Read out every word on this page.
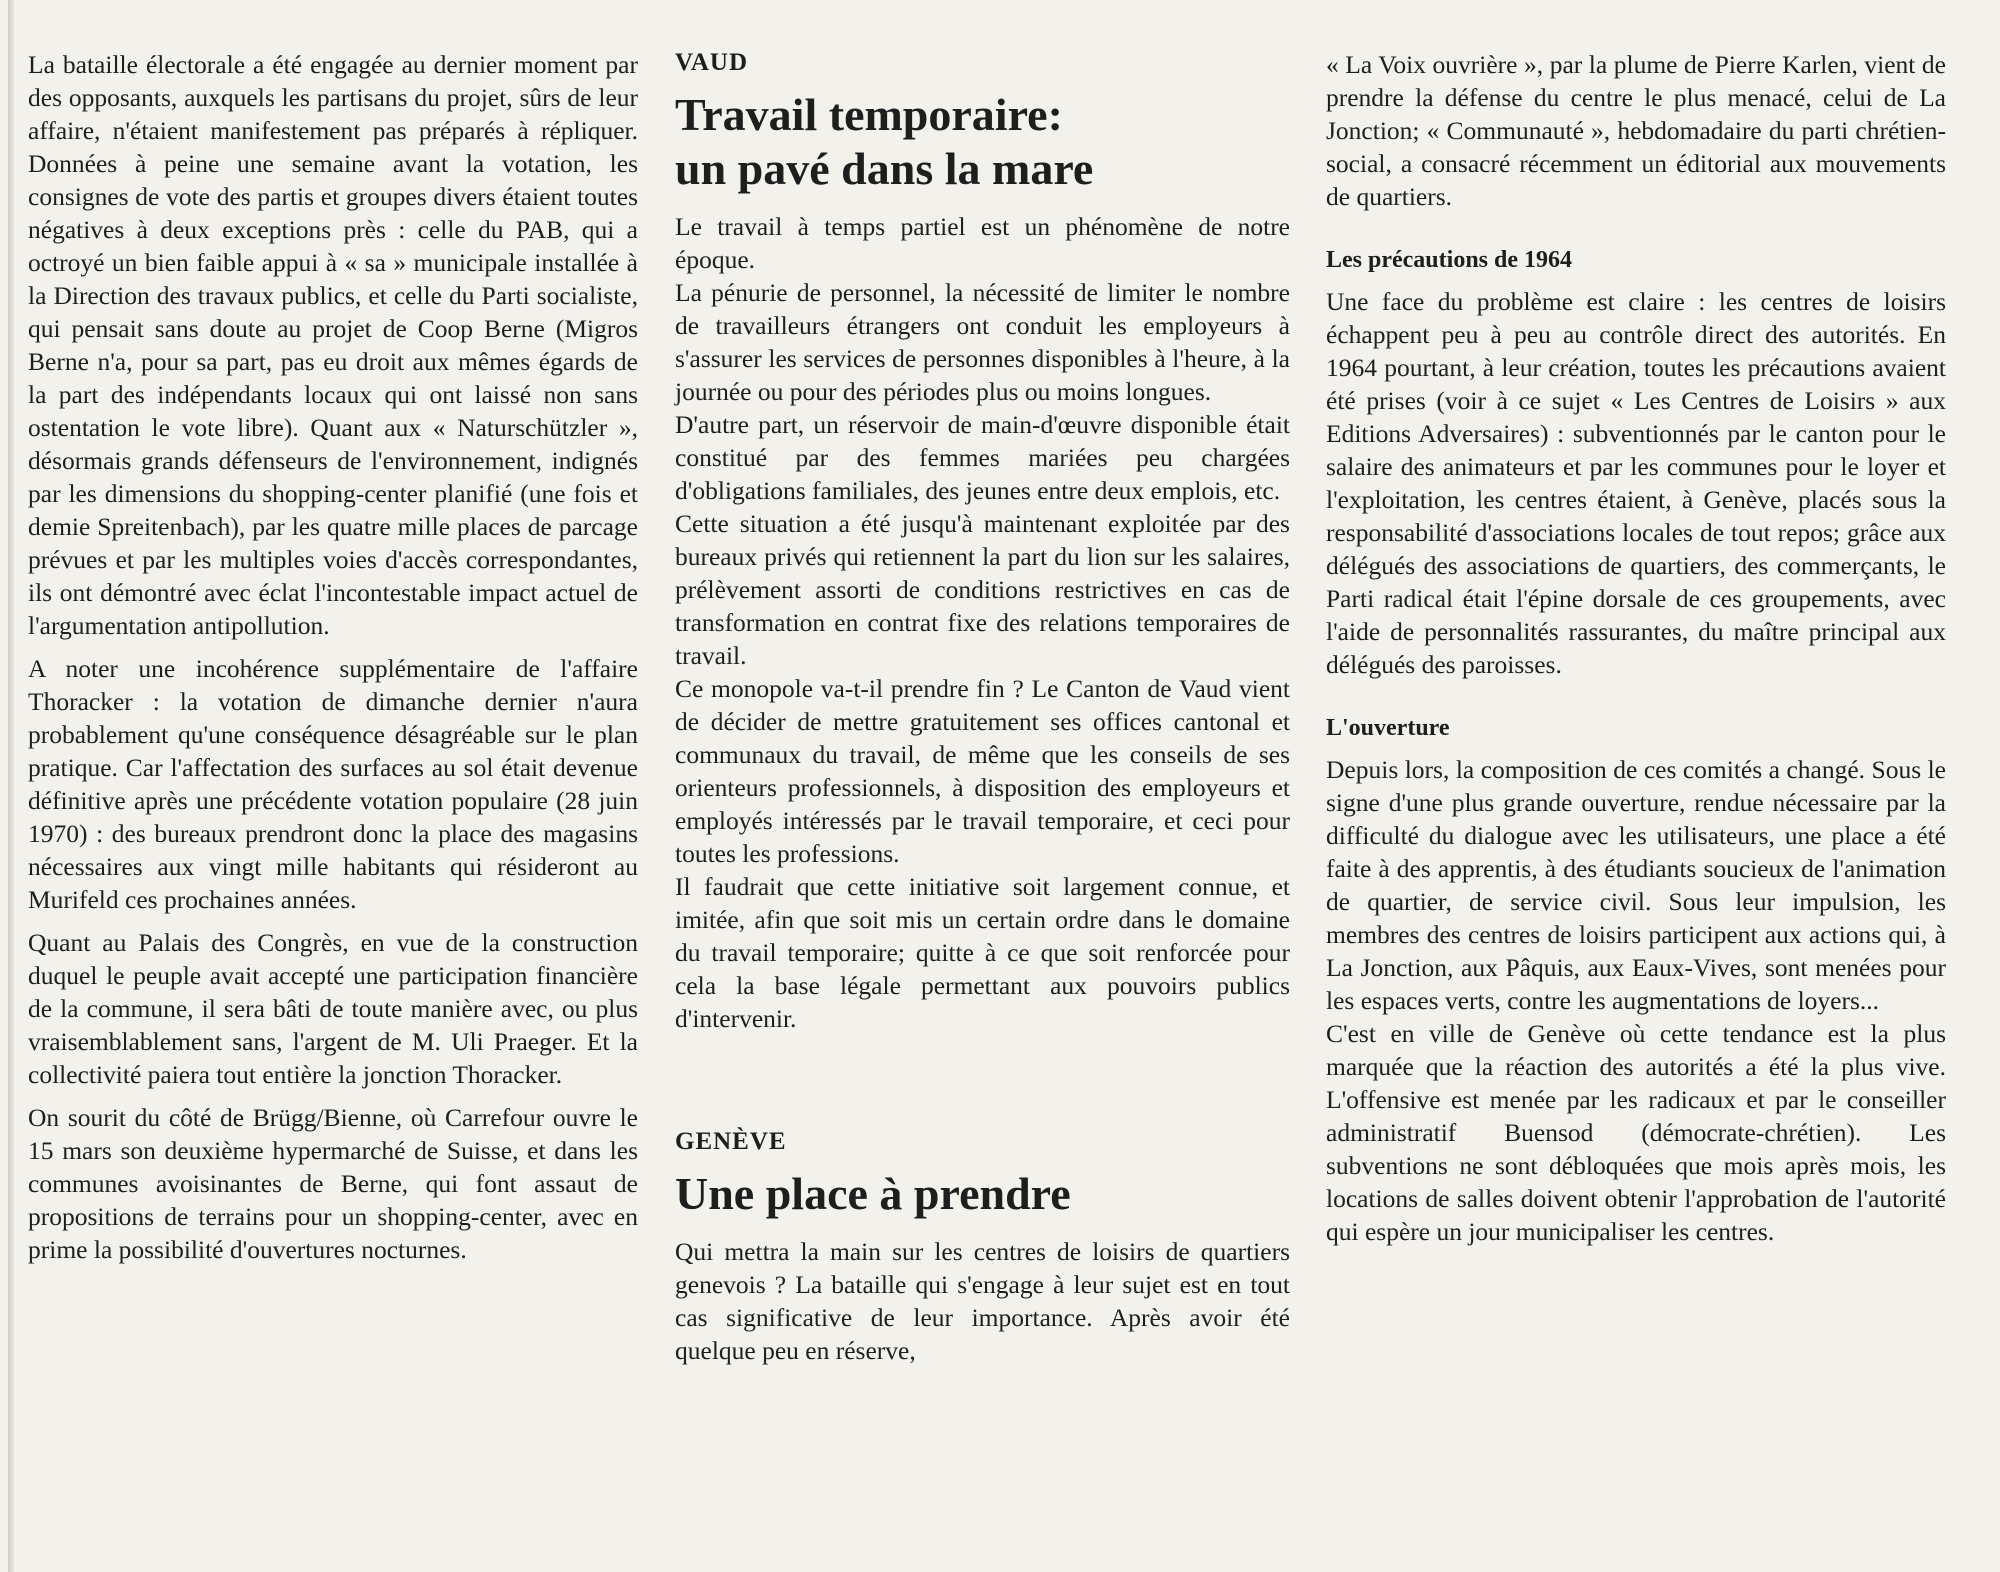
La bataille électorale a été engagée au dernier moment par des opposants, auxquels les partisans du projet, sûrs de leur affaire, n'étaient manifestement pas préparés à répliquer. Données à peine une semaine avant la votation, les consignes de vote des partis et groupes divers étaient toutes négatives à deux exceptions près : celle du PAB, qui a octroyé un bien faible appui à « sa » municipale installée à la Direction des travaux publics, et celle du Parti socialiste, qui pensait sans doute au projet de Coop Berne (Migros Berne n'a, pour sa part, pas eu droit aux mêmes égards de la part des indépendants locaux qui ont laissé non sans ostentation le vote libre). Quant aux « Naturschützler », désormais grands défenseurs de l'environnement, indignés par les dimensions du shopping-center planifié (une fois et demie Spreitenbach), par les quatre mille places de parcage prévues et par les multiples voies d'accès correspondantes, ils ont démontré avec éclat l'incontestable impact actuel de l'argumentation antipollution.

A noter une incohérence supplémentaire de l'affaire Thoracker : la votation de dimanche dernier n'aura probablement qu'une conséquence désagréable sur le plan pratique. Car l'affectation des surfaces au sol était devenue définitive après une précédente votation populaire (28 juin 1970) : des bureaux prendront donc la place des magasins nécessaires aux vingt mille habitants qui résideront au Murifeld ces prochaines années.

Quant au Palais des Congrès, en vue de la construction duquel le peuple avait accepté une participation financière de la commune, il sera bâti de toute manière avec, ou plus vraisemblablement sans, l'argent de M. Uli Praeger. Et la collectivité paiera tout entière la jonction Thoracker.

On sourit du côté de Brügg/Bienne, où Carrefour ouvre le 15 mars son deuxième hypermarché de Suisse, et dans les communes avoisinantes de Berne, qui font assaut de propositions de terrains pour un shopping-center, avec en prime la possibilité d'ouvertures nocturnes.

VAUD
Travail temporaire:
un pavé dans la mare

Le travail à temps partiel est un phénomène de notre époque.

La pénurie de personnel, la nécessité de limiter le nombre de travailleurs étrangers ont conduit les employeurs à s'assurer les services de personnes disponibles à l'heure, à la journée ou pour des périodes plus ou moins longues.

D'autre part, un réservoir de main-d'œuvre disponible était constitué par des femmes mariées peu chargées d'obligations familiales, des jeunes entre deux emplois, etc.

Cette situation a été jusqu'à maintenant exploitée par des bureaux privés qui retiennent la part du lion sur les salaires, prélèvement assorti de conditions restrictives en cas de transformation en contrat fixe des relations temporaires de travail.

Ce monopole va-t-il prendre fin ? Le Canton de Vaud vient de décider de mettre gratuitement ses offices cantonal et communaux du travail, de même que les conseils de ses orienteurs professionnels, à disposition des employeurs et employés intéressés par le travail temporaire, et ceci pour toutes les professions.

Il faudrait que cette initiative soit largement connue, et imitée, afin que soit mis un certain ordre dans le domaine du travail temporaire; quitte à ce que soit renforcée pour cela la base légale permettant aux pouvoirs publics d'intervenir.

GENÈVE
Une place à prendre

Qui mettra la main sur les centres de loisirs de quartiers genevois ? La bataille qui s'engage à leur sujet est en tout cas significative de leur importance. Après avoir été quelque peu en réserve,

« La Voix ouvrière », par la plume de Pierre Karlen, vient de prendre la défense du centre le plus menacé, celui de La Jonction; « Communauté », hebdomadaire du parti chrétien-social, a consacré récemment un éditorial aux mouvements de quartiers.

Les précautions de 1964

Une face du problème est claire : les centres de loisirs échappent peu à peu au contrôle direct des autorités. En 1964 pourtant, à leur création, toutes les précautions avaient été prises (voir à ce sujet « Les Centres de Loisirs » aux Editions Adversaires) : subventionnés par le canton pour le salaire des animateurs et par les communes pour le loyer et l'exploitation, les centres étaient, à Genève, placés sous la responsabilité d'associations locales de tout repos; grâce aux délégués des associations de quartiers, des commerçants, le Parti radical était l'épine dorsale de ces groupements, avec l'aide de personnalités rassurantes, du maître principal aux délégués des paroisses.

L'ouverture

Depuis lors, la composition de ces comités a changé. Sous le signe d'une plus grande ouverture, rendue nécessaire par la difficulté du dialogue avec les utilisateurs, une place a été faite à des apprentis, à des étudiants soucieux de l'animation de quartier, de service civil. Sous leur impulsion, les membres des centres de loisirs participent aux actions qui, à La Jonction, aux Pâquis, aux Eaux-Vives, sont menées pour les espaces verts, contre les augmentations de loyers...

C'est en ville de Genève où cette tendance est la plus marquée que la réaction des autorités a été la plus vive. L'offensive est menée par les radicaux et par le conseiller administratif Buensod (démocrate-chrétien). Les subventions ne sont débloquées que mois après mois, les locations de salles doivent obtenir l'approbation de l'autorité qui espère un jour municipaliser les centres.
